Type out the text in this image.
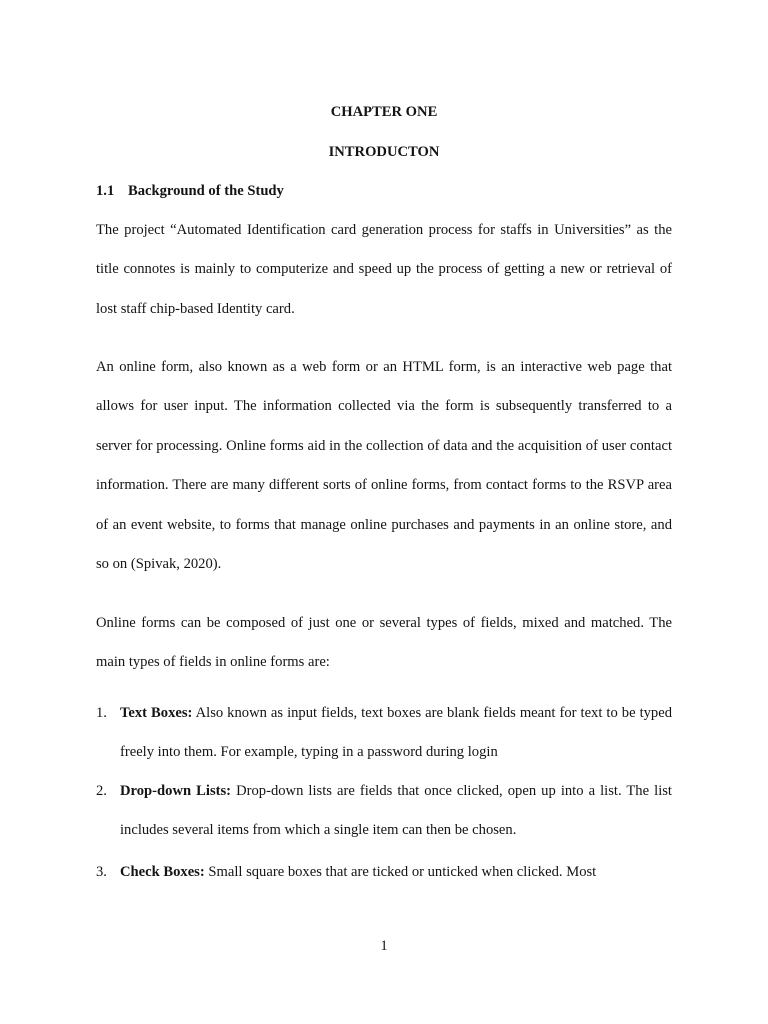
CHAPTER ONE
INTRODUCTON
1.1 Background of the Study

The project “Automated Identification card generation process for staffs in Universities” as the title connotes is mainly to computerize and speed up the process of getting a new or retrieval of lost staff chip-based Identity card.

An online form, also known as a web form or an HTML form, is an interactive web page that allows for user input. The information collected via the form is subsequently transferred to a server for processing. Online forms aid in the collection of data and the acquisition of user contact information. There are many different sorts of online forms, from contact forms to the RSVP area of an event website, to forms that manage online purchases and payments in an online store, and so on (Spivak, 2020).

Online forms can be composed of just one or several types of fields, mixed and matched. The main types of fields in online forms are:

1. Text Boxes: Also known as input fields, text boxes are blank fields meant for text to be typed freely into them. For example, typing in a password during login
2. Drop-down Lists: Drop-down lists are fields that once clicked, open up into a list. The list includes several items from which a single item can then be chosen.
3. Check Boxes: Small square boxes that are ticked or unticked when clicked. Most
1
